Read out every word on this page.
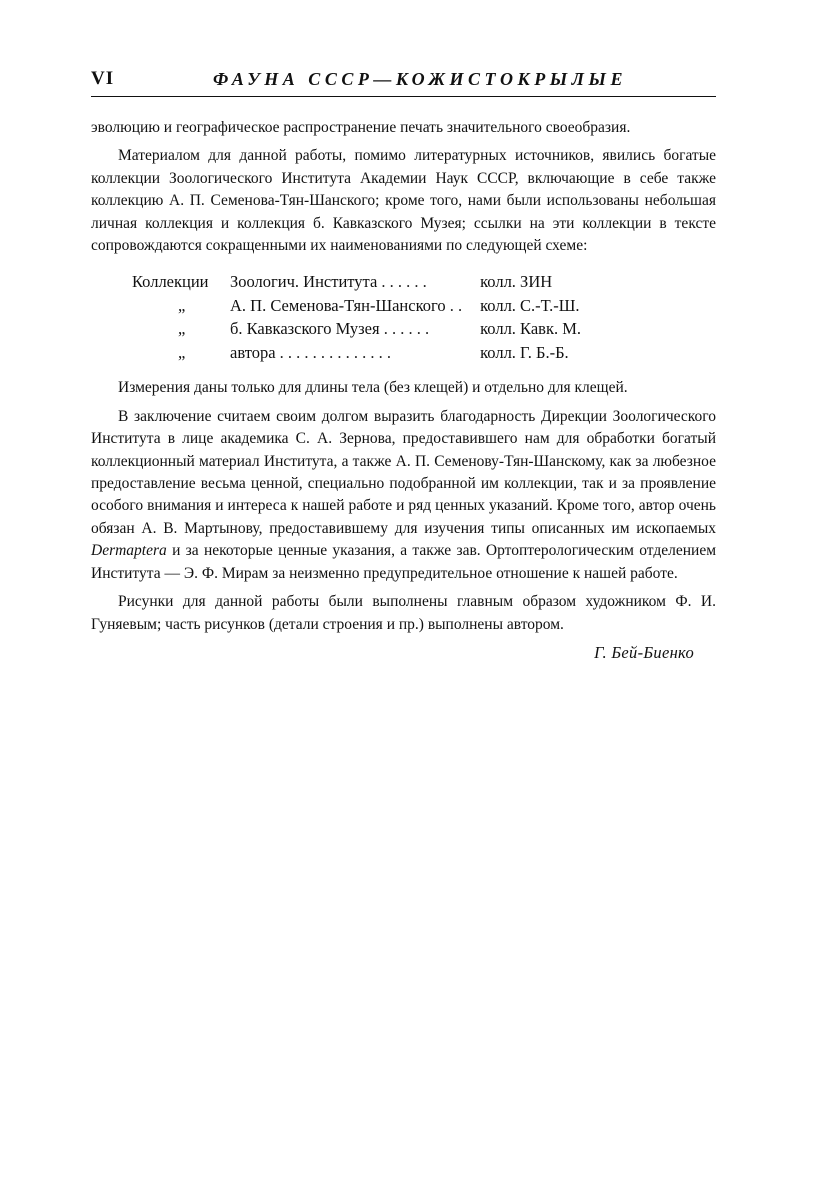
VI	ФАУНА СССР—КОЖИСТОКРЫЛЫЕ

эволюцию и географическое распространение печать значительного своеобразия.

Материалом для данной работы, помимо литературных источников, явились богатые коллекции Зоологического Института Академии Наук СССР, включающие в себе также коллекцию А. П. Семенова-Тян-Шанского; кроме того, нами были использованы небольшая личная коллекция и коллекция б. Кавказского Музея; ссылки на эти коллекции в тексте сопровождаются сокращенными их наименованиями по следующей схеме:

Коллекции	Зоологич. Института . . . . . .	колл. ЗИН
„	А. П. Семенова-Тян-Шанского . .	колл. С.-Т.-Ш.
„	б. Кавказского Музея . . . . . .	колл. Кавк. М.
„	автора . . . . . . . . . . . . . .	колл. Г. Б.-Б.

Измерения даны только для длины тела (без клещей) и отдельно для клещей.

В заключение считаем своим долгом выразить благодарность Дирекции Зоологического Института в лице академика С. А. Зернова, предоставившего нам для обработки богатый коллекционный материал Института, а также А. П. Семенову-Тян-Шанскому, как за любезное предоставление весьма ценной, специально подобранной им коллекции, так и за проявление особого внимания и интереса к нашей работе и ряд ценных указаний. Кроме того, автор очень обязан А. В. Мартынову, предоставившему для изучения типы описанных им ископаемых Dermaptera и за некоторые ценные указания, а также зав. Ортоптерологическим отделением Института — Э. Ф. Мирам за неизменно предупредительное отношение к нашей работе.

Рисунки для данной работы были выполнены главным образом художником Ф. И. Гуняевым; часть рисунков (детали строения и пр.) выполнены автором.

Г. Бей-Биенко
